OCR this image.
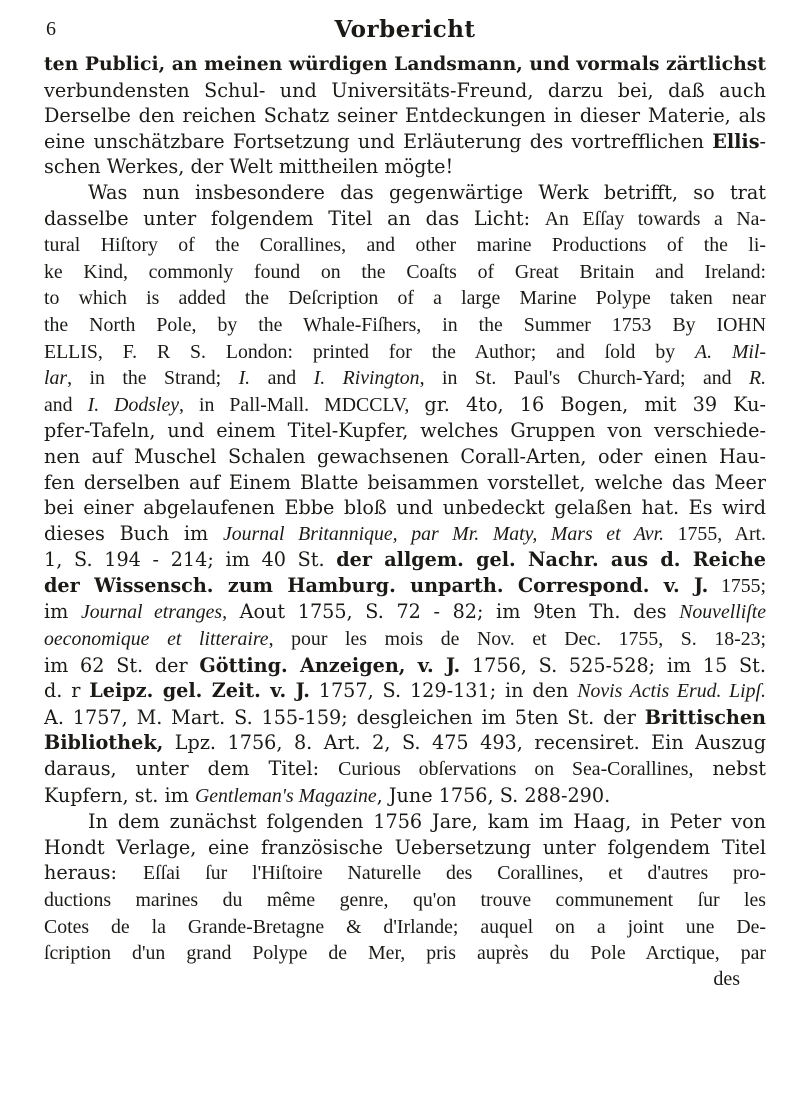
6	Vorbericht
ten Publici, an meinen würdigen Landsmann, und vormals zärtlichst
verbundensten Schul- und Universitäts-Freund, darzu bei, daß auch
Derselbe den reichen Schatz seiner Entdeckungen in dieser Materie, als
eine unschätzbare Fortsetzung und Erläuterung des vortrefflichen Ellis-
schen Werkes, der Welt mittheilen mögte!
Was nun insbesondere das gegenwärtige Werk betrifft, so trat
dasselbe unter folgendem Titel an das Licht: An Eſſay towards a Na-
tural Hiſtory of the Corallines, and other marine Productions of the li-
ke Kind, commonly found on the Coaſts of Great Britain and Ireland:
to which is added the Deſcription of a large Marine Polype taken near
the North Pole, by the Whale-Fiſhers, in the Summer 1753 By IOHN
ELLIS, F. R S. London: printed for the Author; and ſold by A. Mil-
lar, in the Strand; I. and I. Rivington, in St. Paul's Church-Yard; and R.
and I. Dodsley, in Pall-Mall. MDCCLV, gr. 4to, 16 Bogen, mit 39 Ku-
pfer-Tafeln, und einem Titel-Kupfer, welches Gruppen von verschiede-
nen auf Muschel Schalen gewachsenen Corall-Arten, oder einen Hau-
fen derselben auf Einem Blatte beisammen vorstellet, welche das Meer
bei einer abgelaufenen Ebbe bloß und unbedeckt gelaßen hat. Es wird
dieses Buch im Journal Britannique, par Mr. Maty, Mars et Avr. 1755, Art.
1, S. 194 - 214; im 40 St. der allgem. gel. Nachr. aus d. Reiche
der Wissensch. zum Hamburg. unparth. Correspond. v. J. 1755;
im Journal etranges, Aout 1755, S. 72 - 82; im 9ten Th. des Nouvelliſte
oeconomique et litteraire, pour les mois de Nov. et Dec. 1755, S. 18-23;
im 62 St. der Götting. Anzeigen, v. J. 1756, S. 525-528; im 15 St.
d. r Leipz. gel. Zeit. v. J. 1757, S. 129-131; in den Novis Actis Erud. Lipſ.
A. 1757, M. Mart. S. 155-159; desgleichen im 5ten St. der Brittischen
Bibliothek, Lpz. 1756, 8. Art. 2, S. 475 493, recensiret. Ein Auszug
daraus, unter dem Titel: Curious obſervations on Sea-Corallines, nebst
Kupfern, st. im Gentleman's Magazine, June 1756, S. 288-290.
In dem zunächst folgenden 1756 Jare, kam im Haag, in Peter von
Hondt Verlage, eine französische Uebersetzung unter folgendem Titel
heraus: Eſſai ſur l'Hiſtoire Naturelle des Corallines, et d'autres pro-
ductions marines du même genre, qu'on trouve communement ſur les
Cotes de la Grande-Bretagne & d'Irlande; auquel on a joint une De-
ſcription d'un grand Polype de Mer, pris auprès du Pole Arctique, par
des
